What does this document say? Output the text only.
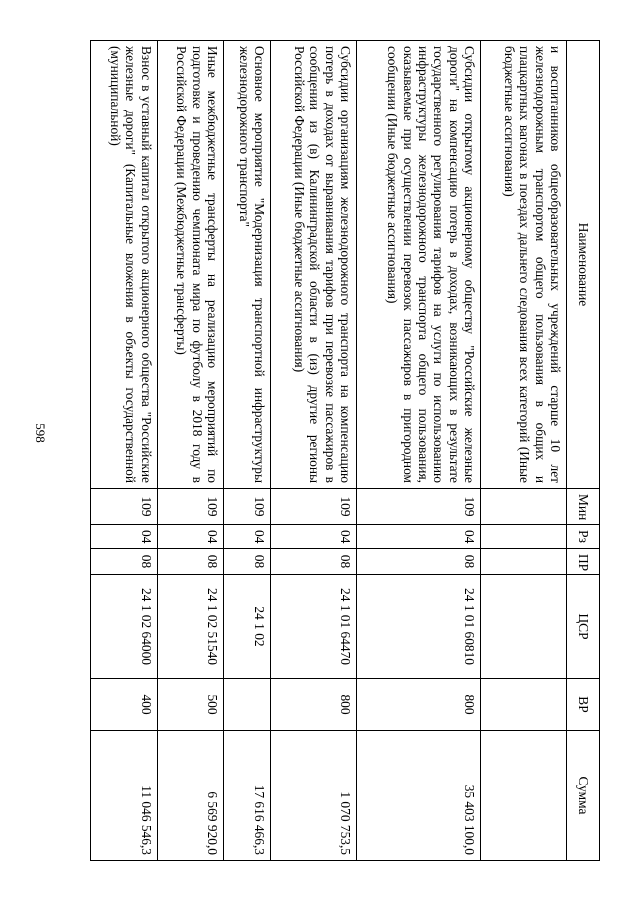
598
Наименование	Мин	Рз	ПР	ЦСР	ВР	Сумма
и воспитанников общеобразовательных учреждений старше 10 лет железнодорожным транспортом общего пользования в общих и плацкартных вагонах в поездах дальнего следования всех категорий (Иные бюджетные ассигнования)						
Субсидии открытому акционерному обществу "Российские железные дороги" на компенсацию потерь в доходах, возникающих в результате государственного регулирования тарифов на услуги по использованию инфраструктуры железнодорожного транспорта общего пользования, оказываемые при осуществлении перевозок пассажиров в пригородном сообщении (Иные бюджетные ассигнования)	109	04	08	24 1 01 60810	800	35 403 100,0
Субсидии организациям железнодорожного транспорта на компенсацию потерь в доходах от выравнивания тарифов при перевозке пассажиров в сообщении из (в) Калининградской области в (из) другие регионы Российской Федерации (Иные бюджетные ассигнования)	109	04	08	24 1 01 64470	800	1 070 753,5
Основное мероприятие "Модернизация транспортной инфраструктуры железнодорожного транспорта"	109	04	08	24 1 02		17 616 466,3
Иные межбюджетные трансферты на реализацию мероприятий по подготовке и проведению чемпионата мира по футболу в 2018 году в Российской Федерации (Межбюджетные трансферты)	109	04	08	24 1 02 51540	500	6 569 920,0
Взнос в уставный капитал открытого акционерного общества "Российские железные дороги" (Капитальные вложения в объекты государственной (муниципальной)	109	04	08	24 1 02 64000	400	11 046 546,3
